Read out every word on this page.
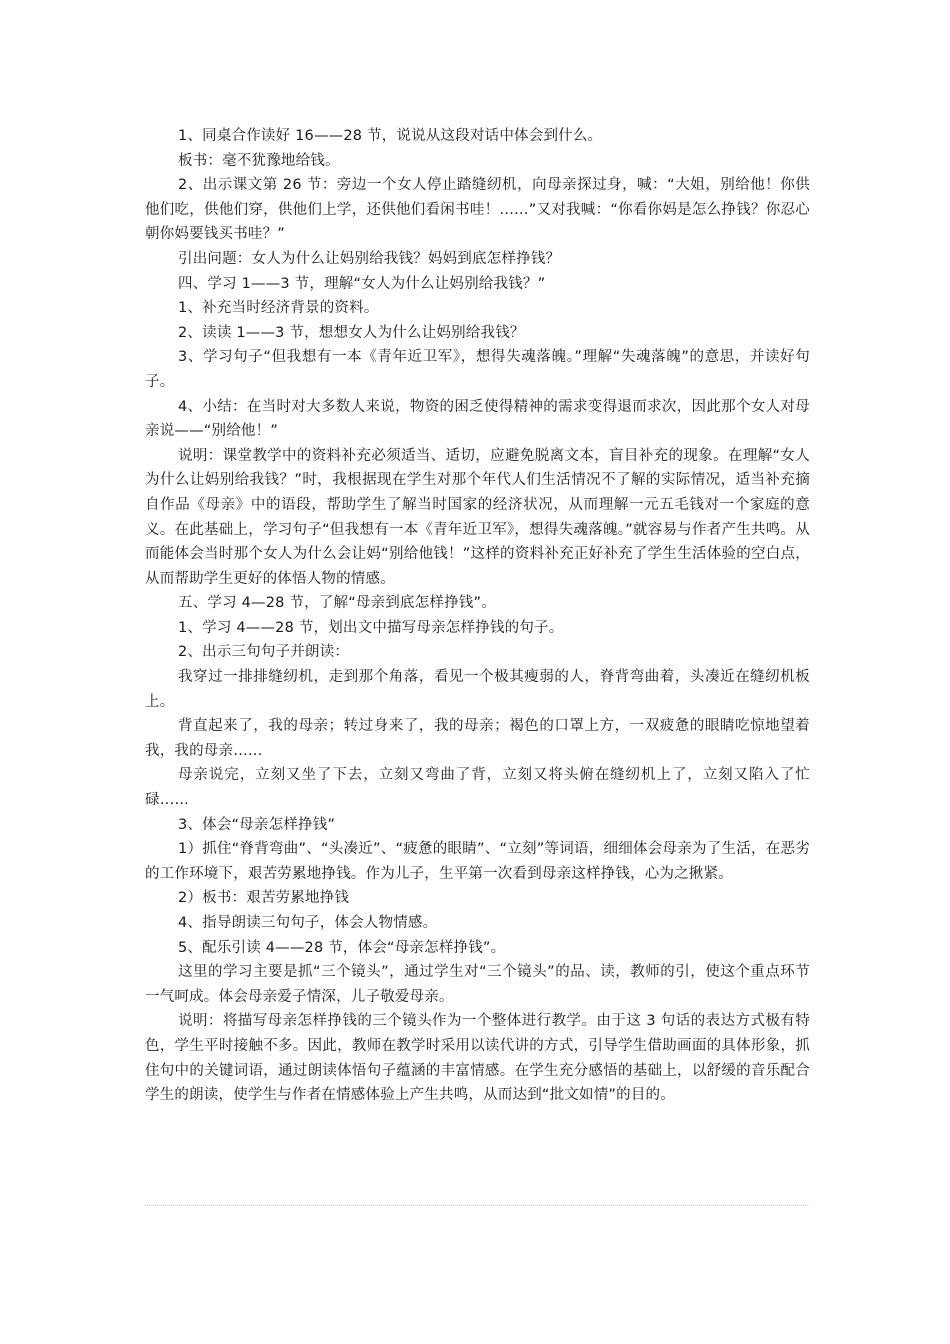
1、同桌合作读好 16——28 节，说说从这段对话中体会到什么。

板书：毫不犹豫地给钱。

2、出示课文第 26 节：旁边一个女人停止踏缝纫机，向母亲探过身，喊：“大姐，别给他！你供他们吃，供他们穿，供他们上学，还供他们看闲书哇！……”又对我喊：“你看你妈是怎么挣钱？你忍心朝你妈要钱买书哇？”

引出问题：女人为什么让妈别给我钱？妈妈到底怎样挣钱？

四、学习 1——3 节，理解“女人为什么让妈别给我钱？”

1、补充当时经济背景的资料。

2、读读 1——3 节，想想女人为什么让妈别给我钱？

3、学习句子“但我想有一本《青年近卫军》，想得失魂落魄。”理解“失魂落魄”的意思，并读好句子。

4、小结：在当时对大多数人来说，物资的困乏使得精神的需求变得退而求次，因此那个女人对母亲说——“别给他！”

说明：课堂教学中的资料补充必须适当、适切，应避免脱离文本，盲目补充的现象。在理解“女人为什么让妈别给我钱？”时，我根据现在学生对那个年代人们生活情况不了解的实际情况，适当补充摘自作品《母亲》中的语段，帮助学生了解当时国家的经济状况，从而理解一元五毛钱对一个家庭的意义。在此基础上，学习句子“但我想有一本《青年近卫军》，想得失魂落魄。”就容易与作者产生共鸣。从而能体会当时那个女人为什么会让妈“别给他钱！”这样的资料补充正好补充了学生生活体验的空白点，从而帮助学生更好的体悟人物的情感。

五、学习 4—28 节，了解“母亲到底怎样挣钱”。

1、学习 4——28 节，划出文中描写母亲怎样挣钱的句子。

2、出示三句句子并朗读：

我穿过一排排缝纫机，走到那个角落，看见一个极其瘦弱的人，脊背弯曲着，头凑近在缝纫机板上。

背直起来了，我的母亲；转过身来了，我的母亲；褐色的口罩上方，一双疲惫的眼睛吃惊地望着我，我的母亲……

母亲说完，立刻又坐了下去，立刻又弯曲了背，立刻又将头俯在缝纫机上了，立刻又陷入了忙碌……

3、体会“母亲怎样挣钱”

1）抓住“脊背弯曲”、“头凑近”、“疲惫的眼睛”、“立刻”等词语，细细体会母亲为了生活，在恶劣的工作环境下，艰苦劳累地挣钱。作为儿子，生平第一次看到母亲这样挣钱，心为之揪紧。

2）板书：艰苦劳累地挣钱

4、指导朗读三句句子，体会人物情感。

5、配乐引读 4——28 节，体会“母亲怎样挣钱”。

这里的学习主要是抓“三个镜头”，通过学生对“三个镜头”的品、读，教师的引，使这个重点环节一气呵成。体会母亲爱子情深，儿子敬爱母亲。

说明：将描写母亲怎样挣钱的三个镜头作为一个整体进行教学。由于这 3 句话的表达方式极有特色，学生平时接触不多。因此，教师在教学时采用以读代讲的方式，引导学生借助画面的具体形象，抓住句中的关键词语，通过朗读体悟句子蕴涵的丰富情感。在学生充分感悟的基础上，以舒缓的音乐配合学生的朗读，使学生与作者在情感体验上产生共鸣，从而达到“批文如情”的目的。
